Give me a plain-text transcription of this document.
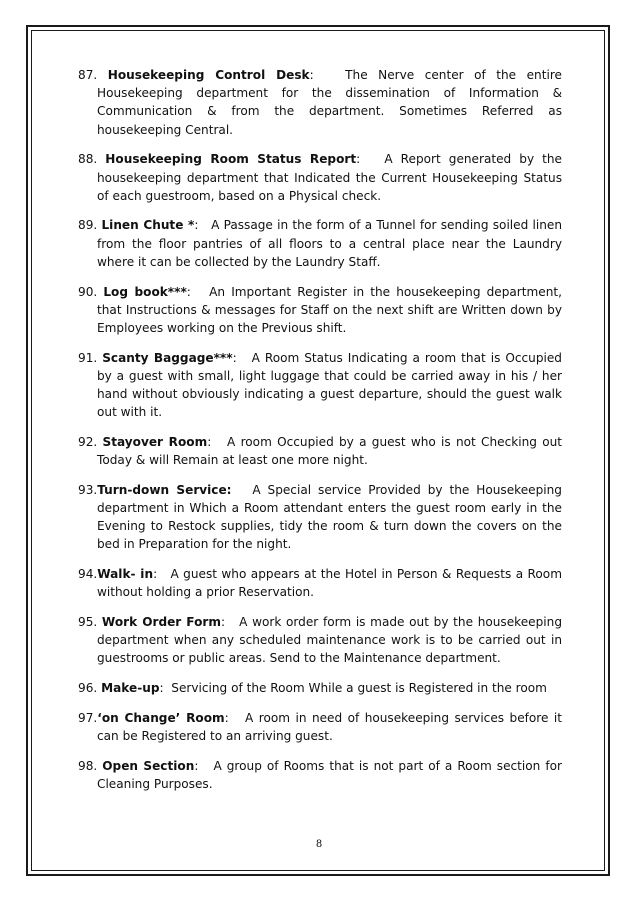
87. Housekeeping Control Desk:	The Nerve center of the entire Housekeeping department for the dissemination of Information & Communication & from the department. Sometimes Referred as housekeeping Central.

88. Housekeeping Room Status Report: A Report generated by the housekeeping department that Indicated the Current Housekeeping Status of each guestroom, based on a Physical check.

89. Linen Chute *: A Passage in the form of a Tunnel for sending soiled linen from the floor pantries of all floors to a central place near the Laundry where it can be collected by the Laundry Staff.

90. Log book***: An Important Register in the housekeeping department, that Instructions & messages for Staff on the next shift are Written down by Employees working on the Previous shift.

91. Scanty Baggage***: A Room Status Indicating a room that is Occupied by a guest with small, light luggage that could be carried away in his / her hand without obviously indicating a guest departure, should the guest walk out with it.

92. Stayover Room: A room Occupied by a guest who is not Checking out Today & will Remain at least one more night.

93.Turn-down Service: A Special service Provided by the Housekeeping department in Which a Room attendant enters the guest room early in the Evening to Restock supplies, tidy the room & turn down the covers on the bed in Preparation for the night.

94.Walk- in: A guest who appears at the Hotel in Person & Requests a Room without holding a prior Reservation.

95. Work Order Form: A work order form is made out by the housekeeping department when any scheduled maintenance work is to be carried out in guestrooms or public areas. Send to the Maintenance department.

96. Make-up: Servicing of the Room While a guest is Registered in the room

97.‘on Change’ Room: A room in need of housekeeping services before it can be Registered to an arriving guest.

98. Open Section: A group of Rooms that is not part of a Room section for Cleaning Purposes.

8
